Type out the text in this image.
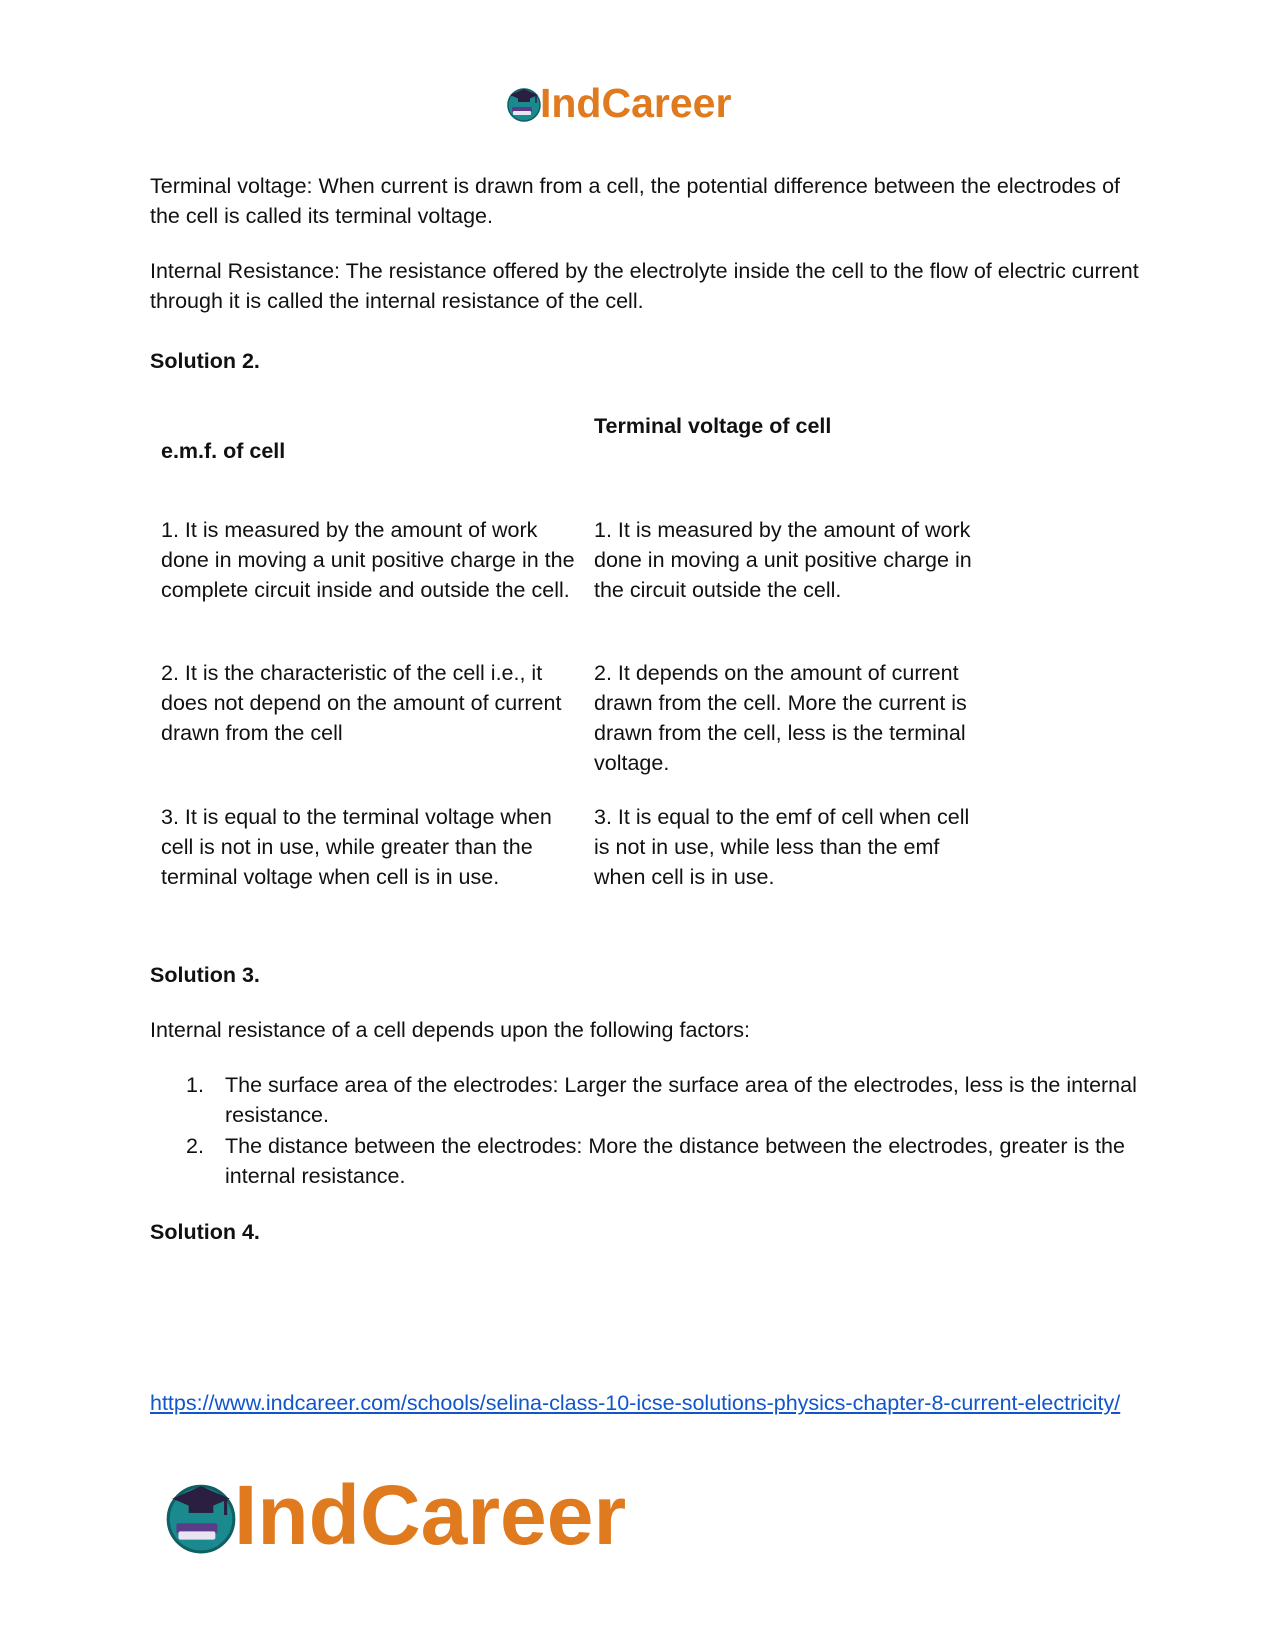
IndCareer
Terminal voltage: When current is drawn from a cell, the potential difference between the electrodes of the cell is called its terminal voltage.
Internal Resistance: The resistance offered by the electrolyte inside the cell to the flow of electric current through it is called the internal resistance of the cell.
Solution 2.
Terminal voltage of cell
e.m.f. of cell
1. It is measured by the amount of work done in moving a unit positive charge in the complete circuit inside and outside the cell.
1. It is measured by the amount of work done in moving a unit positive charge in the circuit outside the cell.
2. It is the characteristic of the cell i.e., it does not depend on the amount of current drawn from the cell
2. It depends on the amount of current drawn from the cell. More the current is drawn from the cell, less is the terminal voltage.
3. It is equal to the terminal voltage when cell is not in use, while greater than the terminal voltage when cell is in use.
3. It is equal to the emf of cell when cell is not in use, while less than the emf when cell is in use.
Solution 3.
Internal resistance of a cell depends upon the following factors:
1. The surface area of the electrodes: Larger the surface area of the electrodes, less is the internal resistance.
2. The distance between the electrodes: More the distance between the electrodes, greater is the internal resistance.
Solution 4.
https://www.indcareer.com/schools/selina-class-10-icse-solutions-physics-chapter-8-current-electricity/
IndCareer
